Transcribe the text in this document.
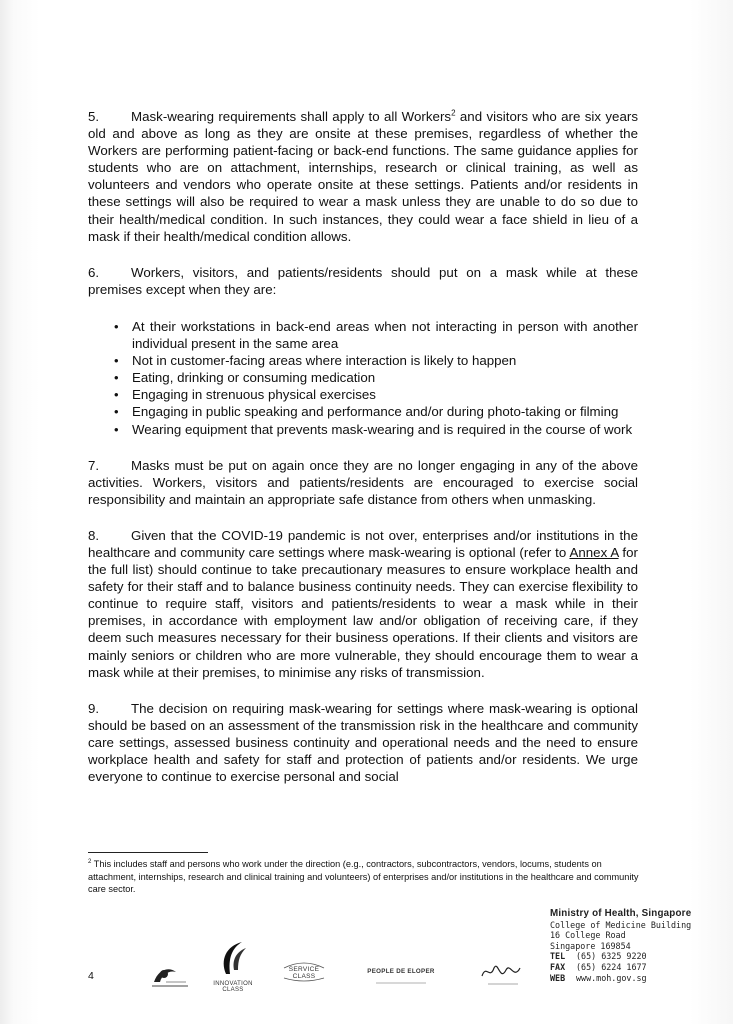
5. Mask-wearing requirements shall apply to all Workers$^2$ and visitors who are six years old and above as long as they are onsite at these premises, regardless of whether the Workers are performing patient-facing or back-end functions. The same guidance applies for students who are on attachment, internships, research or clinical training, as well as volunteers and vendors who operate onsite at these settings. Patients and/or residents in these settings will also be required to wear a mask unless they are unable to do so due to their health/medical condition. In such instances, they could wear a face shield in lieu of a mask if their health/medical condition allows.

6. Workers, visitors, and patients/residents should put on a mask while at these premises except when they are:

• At their workstations in back-end areas when not interacting in person with another individual present in the same area
• Not in customer-facing areas where interaction is likely to happen
• Eating, drinking or consuming medication
• Engaging in strenuous physical exercises
• Engaging in public speaking and performance and/or during photo-taking or filming
• Wearing equipment that prevents mask-wearing and is required in the course of work

7. Masks must be put on again once they are no longer engaging in any of the above activities. Workers, visitors and patients/residents are encouraged to exercise social responsibility and maintain an appropriate safe distance from others when unmasking.

8. Given that the COVID-19 pandemic is not over, enterprises and/or institutions in the healthcare and community care settings where mask-wearing is optional (refer to Annex A for the full list) should continue to take precautionary measures to ensure workplace health and safety for their staff and to balance business continuity needs. They can exercise flexibility to continue to require staff, visitors and patients/residents to wear a mask while in their premises, in accordance with employment law and/or obligation of receiving care, if they deem such measures necessary for their business operations. If their clients and visitors are mainly seniors or children who are more vulnerable, they should encourage them to wear a mask while at their premises, to minimise any risks of transmission.

9. The decision on requiring mask-wearing for settings where mask-wearing is optional should be based on an assessment of the transmission risk in the healthcare and community care settings, assessed business continuity and operational needs and the need to ensure workplace health and safety for staff and protection of patients and/or residents. We urge everyone to continue to exercise personal and social

$^2$ This includes staff and persons who work under the direction (e.g., contractors, subcontractors, vendors, locums, students on attachment, internships, research and clinical training and volunteers) of enterprises and/or institutions in the healthcare and community care sector.
4
INNOVATION CLASS
SERVICE CLASS
PEOPLE DE ELOPER
Ministry of Health, Singapore
College of Medicine Building
16 College Road
Singapore 169854
TEL (65) 6325 9220
FAX (65) 6224 1677
WEB www.moh.gov.sg
